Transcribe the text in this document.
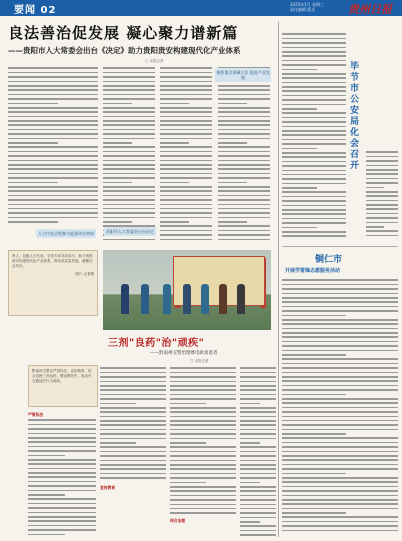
要闻 02
2025年1月 星期三
责任编辑 版式	贵州日报
良法善治促发展 凝心聚力谱新篇
——贵阳市人大常委会出台《决定》助力贵阳贵安构建现代化产业体系
□ 本报记者
人大代表全程参与监督评估效果
聚焦重点领域立法 促进产业发展
贵阳市人大常委会出台决定
贵人，县级人大代表、学者专家共同参与，助力贵阳贵安构建现代化产业体系，推动高质量发展，凝聚社会共识。
图片 记者摄
三剂"良药"治"顽疾"
——黔南州交警治理摩电欧易患者
□ 本报记者
黔南州交警以严管执法、宣传教育、综合治理三剂良药，整治摩托车、电动车交通违法行为顽疾。
严管执法
宣传教育
综合治理
毕节市公安局化会召开
铜仁市
开展学雷锋志愿服务活动
